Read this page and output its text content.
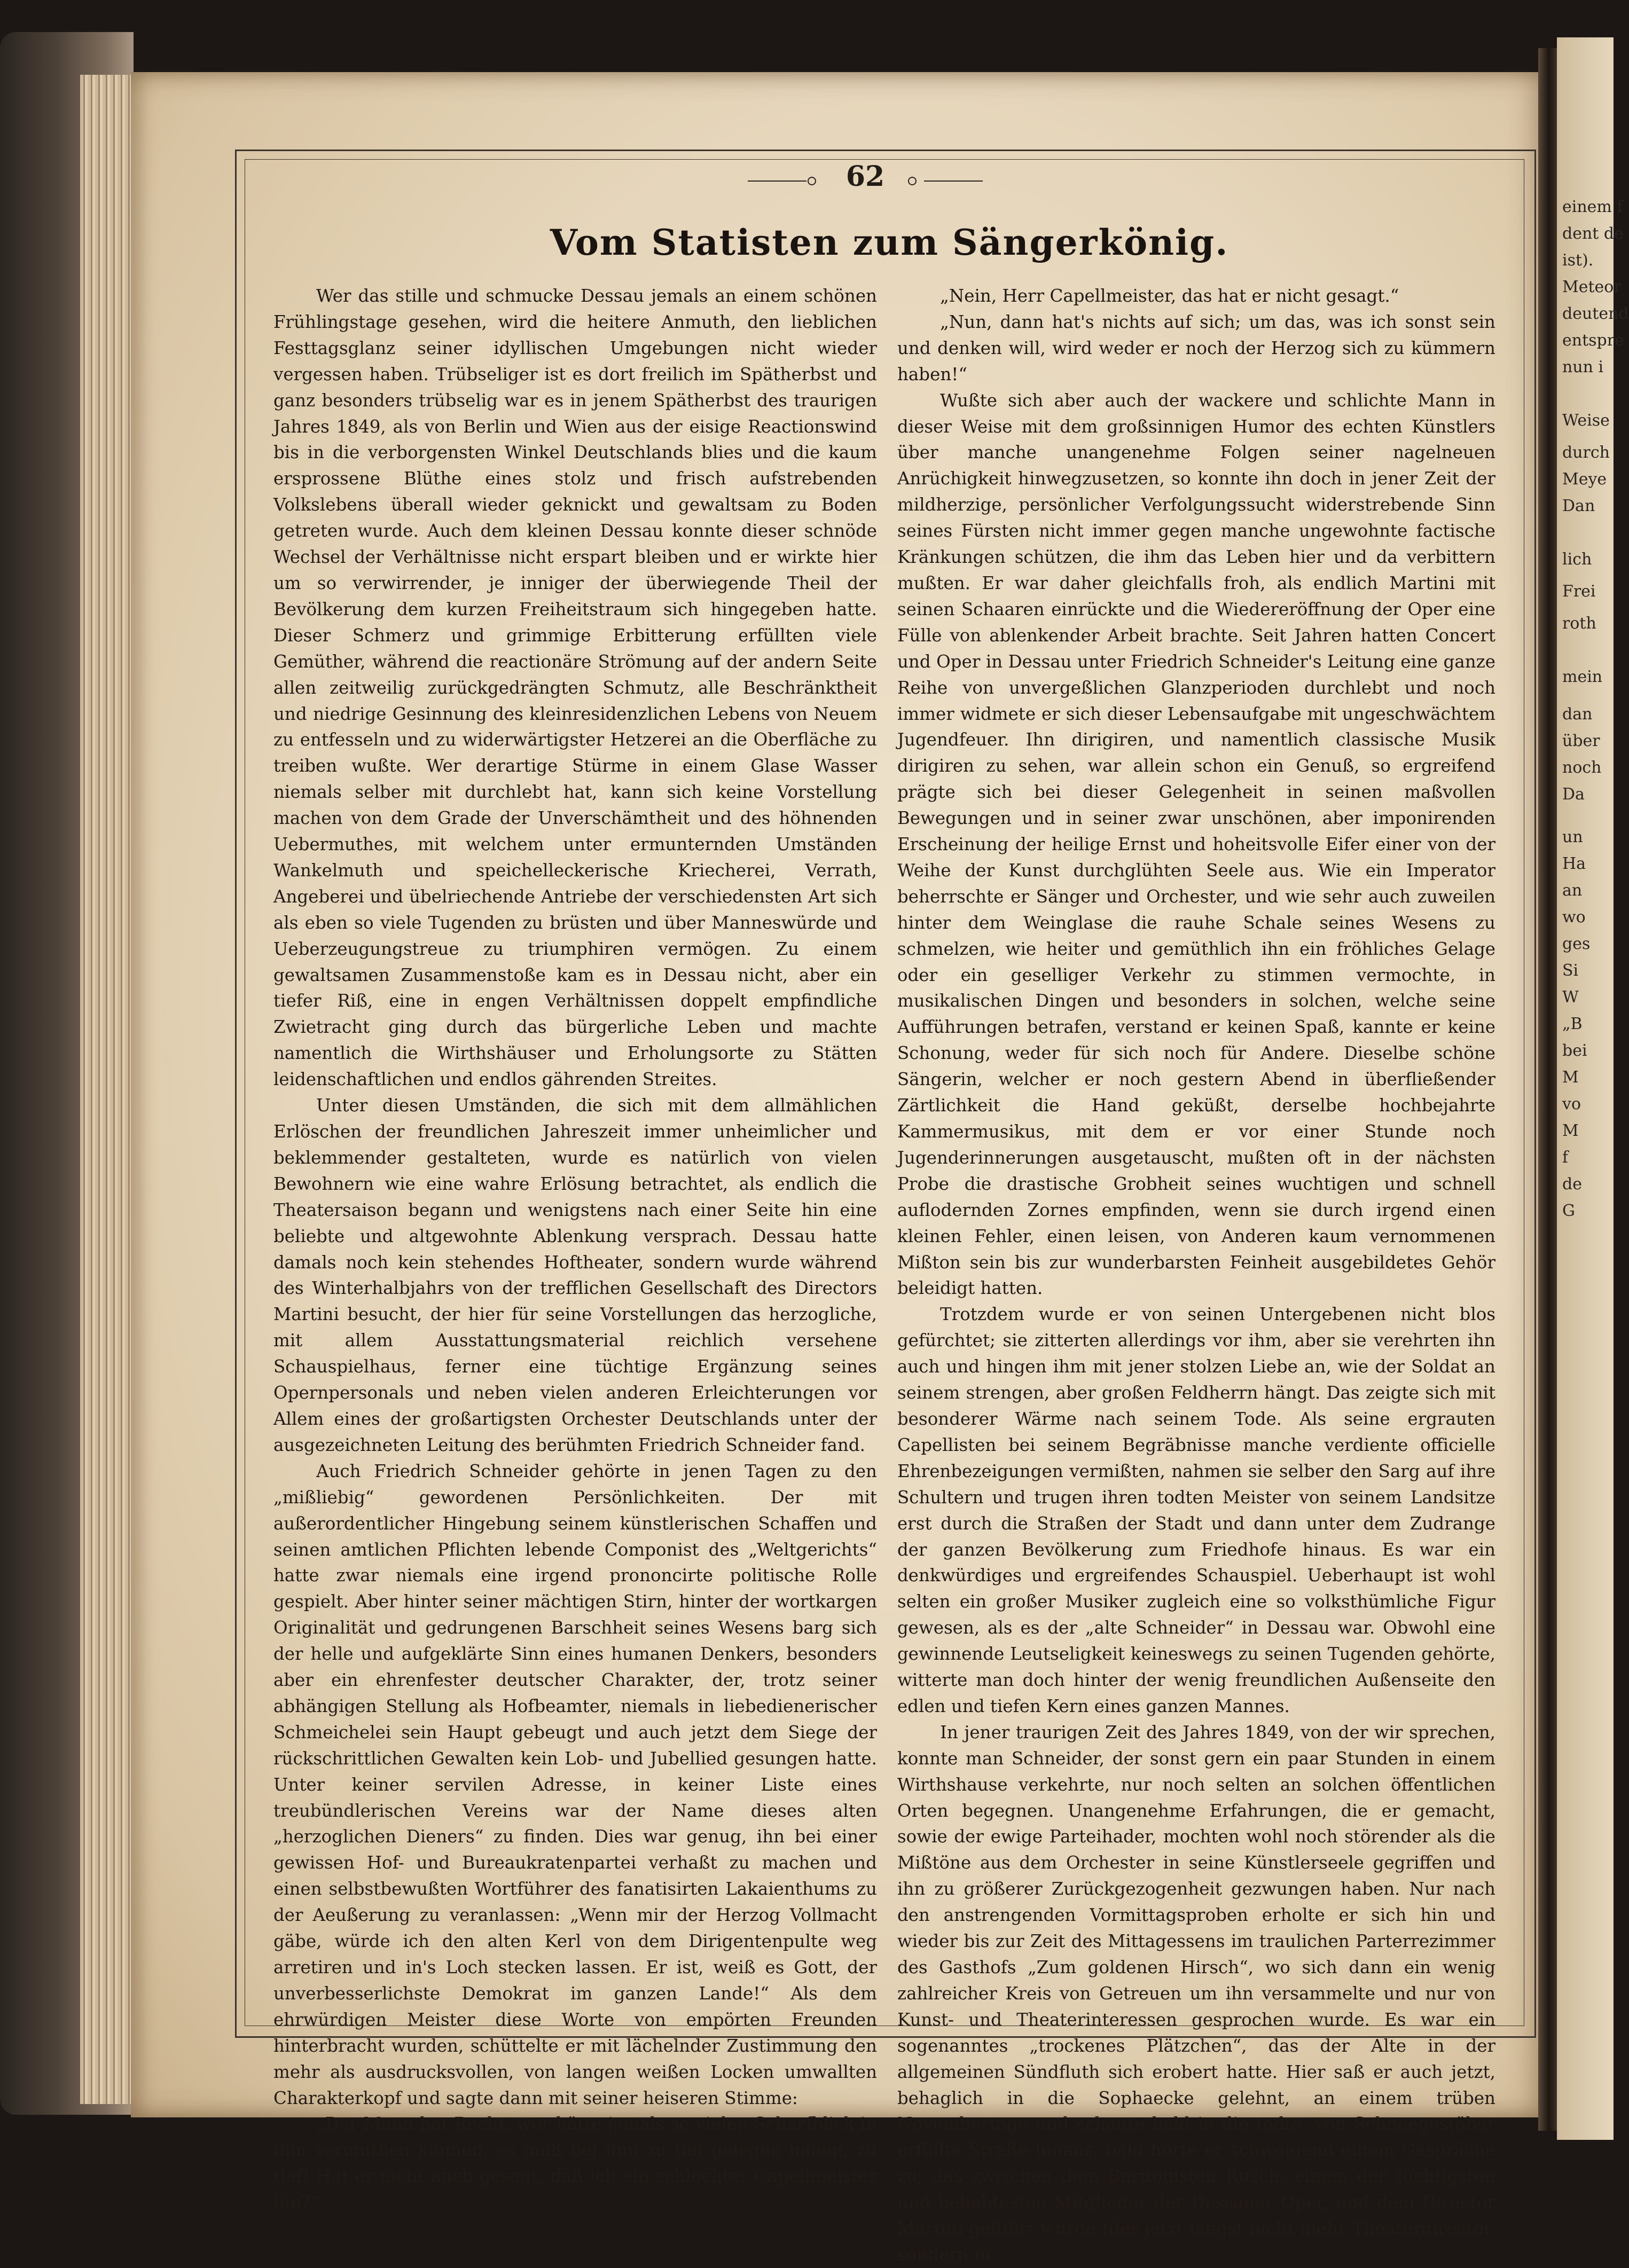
einem f
dent de
ist).
Meteor
deutend
entspre
nun i
Weise
durch
Meye
Dan
lich
Frei
roth
mein
dan
über
noch
Da
un
Ha
an
wo
ges
Si
W
„B
bei
M
vo
M
f
de
G
62
Vom Statisten zum Sängerkönig.

Wer das stille und schmucke Dessau jemals an einem schönen Frühlingstage gesehen, wird die heitere Anmuth, den lieblichen Festtagsglanz seiner idyllischen Umgebungen nicht wieder vergessen haben. Trübseliger ist es dort freilich im Spätherbst und ganz besonders trübselig war es in jenem Spätherbst des traurigen Jahres 1849, als von Berlin und Wien aus der eisige Reactionswind bis in die verborgensten Winkel Deutschlands blies und die kaum ersprossene Blüthe eines stolz und frisch aufstrebenden Volkslebens überall wieder geknickt und gewaltsam zu Boden getreten wurde. Auch dem kleinen Dessau konnte dieser schnöde Wechsel der Verhältnisse nicht erspart bleiben und er wirkte hier um so verwirrender, je inniger der überwiegende Theil der Bevölkerung dem kurzen Freiheitstraum sich hingegeben hatte. Dieser Schmerz und grimmige Erbitterung erfüllten viele Gemüther, während die reactionäre Strömung auf der andern Seite allen zeitweilig zurückgedrängten Schmutz, alle Beschränktheit und niedrige Gesinnung des kleinresidenzlichen Lebens von Neuem zu entfesseln und zu widerwärtigster Hetzerei an die Oberfläche zu treiben wußte. Wer derartige Stürme in einem Glase Wasser niemals selber mit durchlebt hat, kann sich keine Vorstellung machen von dem Grade der Unverschämtheit und des höhnenden Uebermuthes, mit welchem unter ermunternden Umständen Wankelmuth und speichelleckerische Kriecherei, Verrath, Angeberei und übelriechende Antriebe der verschiedensten Art sich als eben so viele Tugenden zu brüsten und über Manneswürde und Ueberzeugungstreue zu triumphiren vermögen. Zu einem gewaltsamen Zusammenstoße kam es in Dessau nicht, aber ein tiefer Riß, eine in engen Verhältnissen doppelt empfindliche Zwietracht ging durch das bürgerliche Leben und machte namentlich die Wirthshäuser und Erholungsorte zu Stätten leidenschaftlichen und endlos gährenden Streites.

Unter diesen Umständen, die sich mit dem allmählichen Erlöschen der freundlichen Jahreszeit immer unheimlicher und beklemmender gestalteten, wurde es natürlich von vielen Bewohnern wie eine wahre Erlösung betrachtet, als endlich die Theatersaison begann und wenigstens nach einer Seite hin eine beliebte und altgewohnte Ablenkung versprach. Dessau hatte damals noch kein stehendes Hoftheater, sondern wurde während des Winterhalbjahrs von der trefflichen Gesellschaft des Directors Martini besucht, der hier für seine Vorstellungen das herzogliche, mit allem Ausstattungsmaterial reichlich versehene Schauspielhaus, ferner eine tüchtige Ergänzung seines Opernpersonals und neben vielen anderen Erleichterungen vor Allem eines der großartigsten Orchester Deutschlands unter der ausgezeichneten Leitung des berühmten Friedrich Schneider fand.

Auch Friedrich Schneider gehörte in jenen Tagen zu den „mißliebig“ gewordenen Persönlichkeiten. Der mit außerordentlicher Hingebung seinem künstlerischen Schaffen und seinen amtlichen Pflichten lebende Componist des „Weltgerichts“ hatte zwar niemals eine irgend prononcirte politische Rolle gespielt. Aber hinter seiner mächtigen Stirn, hinter der wortkargen Originalität und gedrungenen Barschheit seines Wesens barg sich der helle und aufgeklärte Sinn eines humanen Denkers, besonders aber ein ehrenfester deutscher Charakter, der, trotz seiner abhängigen Stellung als Hofbeamter, niemals in liebedienerischer Schmeichelei sein Haupt gebeugt und auch jetzt dem Siege der rückschrittlichen Gewalten kein Lob- und Jubellied gesungen hatte. Unter keiner servilen Adresse, in keiner Liste eines treubündlerischen Vereins war der Name dieses alten „herzoglichen Dieners“ zu finden. Dies war genug, ihn bei einer gewissen Hof- und Bureaukratenpartei verhaßt zu machen und einen selbstbewußten Wortführer des fanatisirten Lakaienthums zu der Aeußerung zu veranlassen: „Wenn mir der Herzog Vollmacht gäbe, würde ich den alten Kerl von dem Dirigentenpulte weg arretiren und in's Loch stecken lassen. Er ist, weiß es Gott, der unverbesserlichste Demokrat im ganzen Lande!“ Als dem ehrwürdigen Meister diese Worte von empörten Freunden hinterbracht wurden, schüttelte er mit lächelnder Zustimmung den mehr als ausdrucksvollen, von langen weißen Locken umwallten Charakterkopf und sagte dann mit seiner heiseren Stimme:

„Der Mann hat Recht, wer hätte jemals so vielen Scharfblick in ihm vermuthen können, es muß bei ihm zu tief gelegen haben, zu tief! Hat er nicht auch gesagt, daß ich ein schlechter Capellmeister bin?“

„Nein, Herr Capellmeister, das hat er nicht gesagt.“

„Nun, dann hat's nichts auf sich; um das, was ich sonst sein und denken will, wird weder er noch der Herzog sich zu kümmern haben!“

Wußte sich aber auch der wackere und schlichte Mann in dieser Weise mit dem großsinnigen Humor des echten Künstlers über manche unangenehme Folgen seiner nagelneuen Anrüchigkeit hinwegzusetzen, so konnte ihn doch in jener Zeit der mildherzige, persönlicher Verfolgungssucht widerstrebende Sinn seines Fürsten nicht immer gegen manche ungewohnte factische Kränkungen schützen, die ihm das Leben hier und da verbittern mußten. Er war daher gleichfalls froh, als endlich Martini mit seinen Schaaren einrückte und die Wiedereröffnung der Oper eine Fülle von ablenkender Arbeit brachte. Seit Jahren hatten Concert und Oper in Dessau unter Friedrich Schneider's Leitung eine ganze Reihe von unvergeßlichen Glanzperioden durchlebt und noch immer widmete er sich dieser Lebensaufgabe mit ungeschwächtem Jugendfeuer. Ihn dirigiren, und namentlich classische Musik dirigiren zu sehen, war allein schon ein Genuß, so ergreifend prägte sich bei dieser Gelegenheit in seinen maßvollen Bewegungen und in seiner zwar unschönen, aber imponirenden Erscheinung der heilige Ernst und hoheitsvolle Eifer einer von der Weihe der Kunst durchglühten Seele aus. Wie ein Imperator beherrschte er Sänger und Orchester, und wie sehr auch zuweilen hinter dem Weinglase die rauhe Schale seines Wesens zu schmelzen, wie heiter und gemüthlich ihn ein fröhliches Gelage oder ein geselliger Verkehr zu stimmen vermochte, in musikalischen Dingen und besonders in solchen, welche seine Aufführungen betrafen, verstand er keinen Spaß, kannte er keine Schonung, weder für sich noch für Andere. Dieselbe schöne Sängerin, welcher er noch gestern Abend in überfließender Zärtlichkeit die Hand geküßt, derselbe hochbejahrte Kammermusikus, mit dem er vor einer Stunde noch Jugenderinnerungen ausgetauscht, mußten oft in der nächsten Probe die drastische Grobheit seines wuchtigen und schnell auflodernden Zornes empfinden, wenn sie durch irgend einen kleinen Fehler, einen leisen, von Anderen kaum vernommenen Mißton sein bis zur wunderbarsten Feinheit ausgebildetes Gehör beleidigt hatten.

Trotzdem wurde er von seinen Untergebenen nicht blos gefürchtet; sie zitterten allerdings vor ihm, aber sie verehrten ihn auch und hingen ihm mit jener stolzen Liebe an, wie der Soldat an seinem strengen, aber großen Feldherrn hängt. Das zeigte sich mit besonderer Wärme nach seinem Tode. Als seine ergrauten Capellisten bei seinem Begräbnisse manche verdiente officielle Ehrenbezeigungen vermißten, nahmen sie selber den Sarg auf ihre Schultern und trugen ihren todten Meister von seinem Landsitze erst durch die Straßen der Stadt und dann unter dem Zudrange der ganzen Bevölkerung zum Friedhofe hinaus. Es war ein denkwürdiges und ergreifendes Schauspiel. Ueberhaupt ist wohl selten ein großer Musiker zugleich eine so volksthümliche Figur gewesen, als es der „alte Schneider“ in Dessau war. Obwohl eine gewinnende Leutseligkeit keineswegs zu seinen Tugenden gehörte, witterte man doch hinter der wenig freundlichen Außenseite den edlen und tiefen Kern eines ganzen Mannes.

In jener traurigen Zeit des Jahres 1849, von der wir sprechen, konnte man Schneider, der sonst gern ein paar Stunden in einem Wirthshause verkehrte, nur noch selten an solchen öffentlichen Orten begegnen. Unangenehme Erfahrungen, die er gemacht, sowie der ewige Parteihader, mochten wohl noch störender als die Mißtöne aus dem Orchester in seine Künstlerseele gegriffen und ihn zu größerer Zurückgezogenheit gezwungen haben. Nur nach den anstrengenden Vormittagsproben erholte er sich hin und wieder bis zur Zeit des Mittagessens im traulichen Parterrezimmer des Gasthofs „Zum goldenen Hirsch“, wo sich dann ein wenig zahlreicher Kreis von Getreuen um ihn versammelte und nur von Kunst- und Theaterinteressen gesprochen wurde. Es war ein sogenanntes „trockenes Plätzchen“, das der Alte in der allgemeinen Sündfluth sich erobert hatte. Hier saß er auch jetzt, behaglich in die Sophaecke gelehnt, an einem trüben Novembertage und schaute bald in die todte, von Schneegestöber erfüllte Straße hinaus, bald hörte er schweigend einem Gespräche zu, das zwischen dem Baritonisten Rusch, einem der tüchtigsten und beliebtesten Mitglieder der Dessauer Oper, und dem Director Martini geführt wurde (der jetzt längst nicht mehr Theaterdirector, sondern in
